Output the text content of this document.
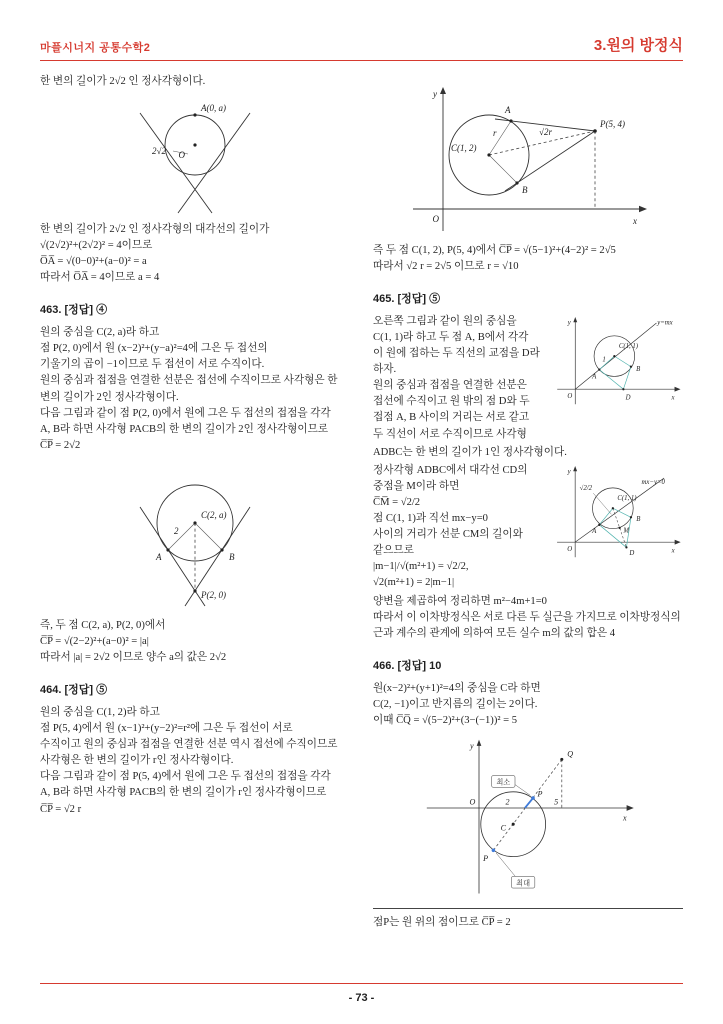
마플시너지 공통수학2	3.원의 방정식
한 변의 길이가 2√2 인 정사각형이다.
A(0, a)
O
2√2
한 변의 길이가 2√2 인 정사각형의 대각선의 길이가
√(2√2)²+(2√2)² = 4이므로
O̅A̅ = √(0−0)²+(a−0)² = a
따라서 O̅A̅ = 4이므로 a = 4
463. [정답] ④
원의 중심을 C(2, a)라 하고
점 P(2, 0)에서 원 (x−2)²+(y−a)²=4에 그은 두 접선의
기울기의 곱이 −1이므로 두 접선이 서로 수직이다.
원의 중심과 접점을 연결한 선분은 접선에 수직이므로 사각형은 한
변의 길이가 2인 정사각형이다.
다음 그림과 같이 점 P(2, 0)에서 원에 그은 두 접선의 접점을 각각
A, B라 하면 사각형 PACB의 한 변의 길이가 2인 정사각형이므로
C̅P̅ = 2√2
C(2, a)
2
A	B
P(2, 0)
즉, 두 점 C(2, a), P(2, 0)에서
C̅P̅ = √(2−2)²+(a−0)² = |a|
따라서 |a| = 2√2 이므로 양수 a의 값은 2√2
464. [정답] ⑤
원의 중심을 C(1, 2)라 하고
점 P(5, 4)에서 원 (x−1)²+(y−2)²=r²에 그은 두 접선이 서로
수직이고 원의 중심과 접점을 연결한 선분 역시 접선에 수직이므로
사각형은 한 변의 길이가 r인 정사각형이다.
다음 그림과 같이 점 P(5, 4)에서 원에 그은 두 접선의 접점을 각각
A, B라 하면 사각형 PACB의 한 변의 길이가 r인 정사각형이므로
C̅P̅ = √2 r
y
x
O
C(1, 2)
P(5, 4)
A
B
r	√2r
즉 두 점 C(1, 2), P(5, 4)에서 C̅P̅ = √(5−1)²+(4−2)² = 2√5
따라서 √2 r = 2√5 이므로 r = √10
465. [정답] ⑤
오른쪽 그림과 같이 원의 중심을
C(1, 1)라 하고 두 점 A, B에서 각각
이 원에 접하는 두 직선의 교점을 D라
하자.
원의 중심과 접점을 연결한 선분은
접선에 수직이고 원 밖의 점 D와 두
접점 A, B 사이의 거리는 서로 같고
두 직선이 서로 수직이므로 사각형
y
x
O
y=mx
C(1, 1)
A
B
D
1
ADBC는 한 변의 길이가 1인 정사각형이다.
정사각형 ADBC에서 대각선 CD의
중점을 M이라 하면
C̅M̅ = √2/2
점 C(1, 1)과 직선 mx−y=0
사이의 거리가 선분 CM의 길이와
같으므로
|m−1|/√(m²+1) = √2/2,
√2(m²+1) = 2|m−1|
y
x
O
mx−y=0
C(1, 1)
A
B
D
M
√2/2
양변을 제곱하여 정리하면 m²−4m+1=0
따라서 이 이차방정식은 서로 다른 두 실근을 가지므로 이차방정식의
근과 계수의 관계에 의하여 모든 실수 m의 값의 합은 4
466. [정답] 10
원(x−2)²+(y+1)²=4의 중심을 C라 하면
C(2, −1)이고 반지름의 길이는 2이다.
이때 C̅Q̅ = √(5−2)²+(3−(−1))² = 5
y
x
O
C
Q
P
P
2	5
최소
최대
점P는 원 위의 점이므로 C̅P̅ = 2
- 73 -
